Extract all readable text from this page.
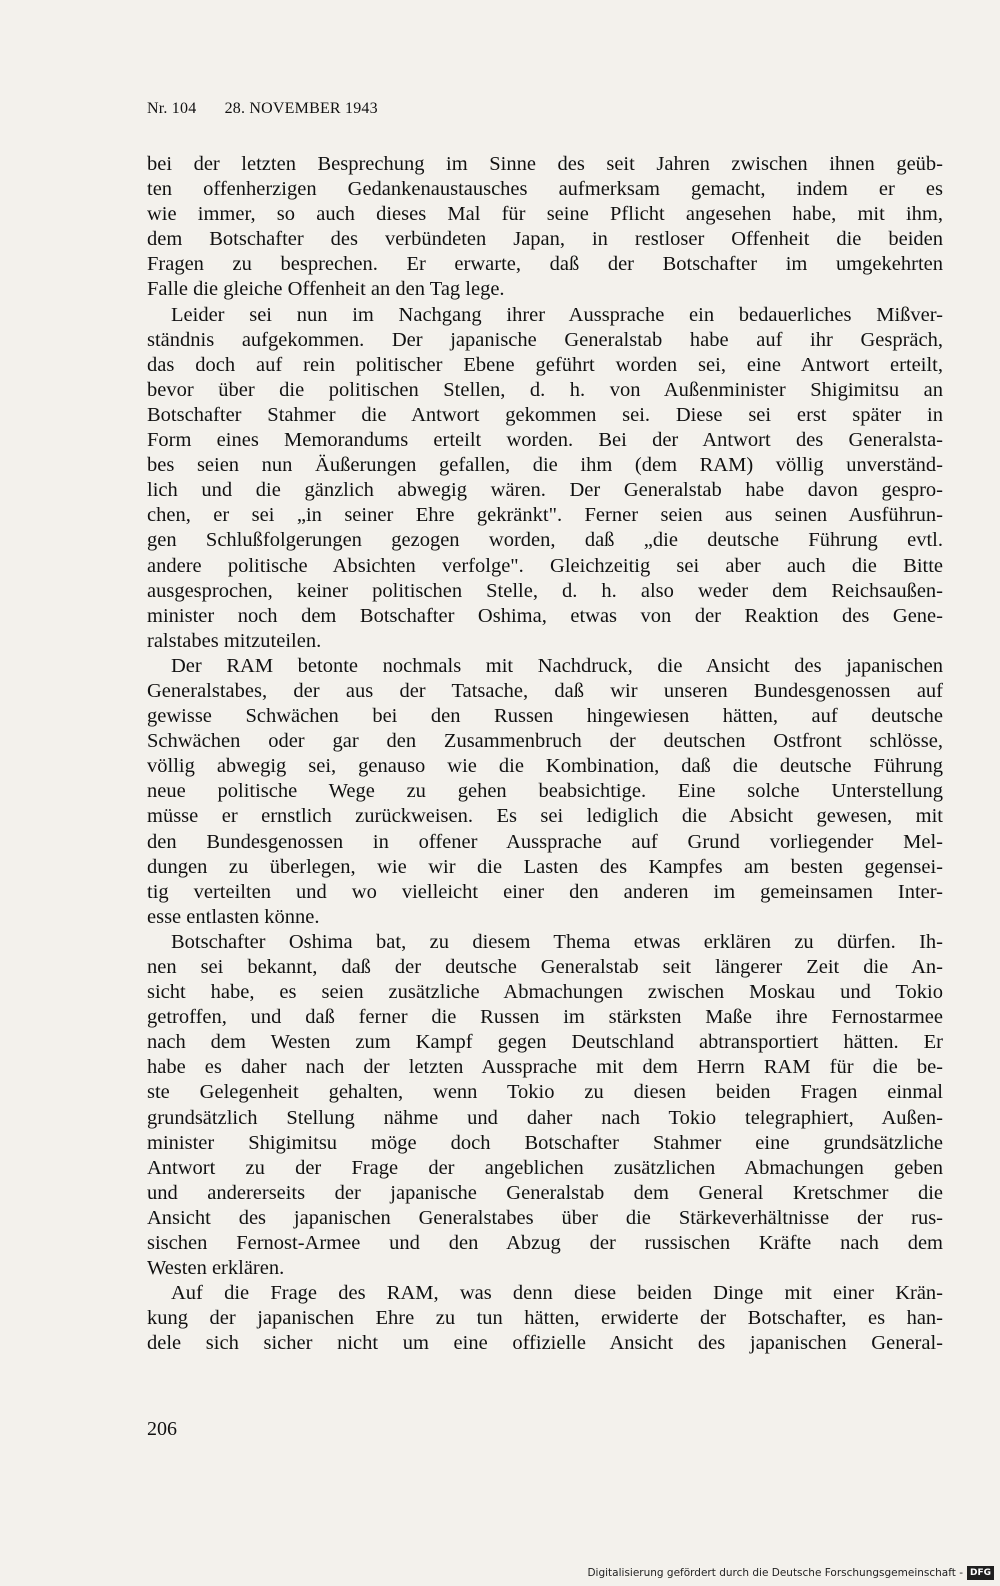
Nr. 104 28. NOVEMBER 1943
bei der letzten Besprechung im Sinne des seit Jahren zwischen ihnen geüb-
ten offenherzigen Gedankenaustausches aufmerksam gemacht, indem er es
wie immer, so auch dieses Mal für seine Pflicht angesehen habe, mit ihm,
dem Botschafter des verbündeten Japan, in restloser Offenheit die beiden
Fragen zu besprechen. Er erwarte, daß der Botschafter im umgekehrten
Falle die gleiche Offenheit an den Tag lege.
Leider sei nun im Nachgang ihrer Aussprache ein bedauerliches Mißver-
ständnis aufgekommen. Der japanische Generalstab habe auf ihr Gespräch,
das doch auf rein politischer Ebene geführt worden sei, eine Antwort erteilt,
bevor über die politischen Stellen, d. h. von Außenminister Shigimitsu an
Botschafter Stahmer die Antwort gekommen sei. Diese sei erst später in
Form eines Memorandums erteilt worden. Bei der Antwort des Generalsta-
bes seien nun Äußerungen gefallen, die ihm (dem RAM) völlig unverständ-
lich und die gänzlich abwegig wären. Der Generalstab habe davon gespro-
chen, er sei „in seiner Ehre gekränkt". Ferner seien aus seinen Ausführun-
gen Schlußfolgerungen gezogen worden, daß „die deutsche Führung evtl.
andere politische Absichten verfolge". Gleichzeitig sei aber auch die Bitte
ausgesprochen, keiner politischen Stelle, d. h. also weder dem Reichsaußen-
minister noch dem Botschafter Oshima, etwas von der Reaktion des Gene-
ralstabes mitzuteilen.
Der RAM betonte nochmals mit Nachdruck, die Ansicht des japanischen
Generalstabes, der aus der Tatsache, daß wir unseren Bundesgenossen auf
gewisse Schwächen bei den Russen hingewiesen hätten, auf deutsche
Schwächen oder gar den Zusammenbruch der deutschen Ostfront schlösse,
völlig abwegig sei, genauso wie die Kombination, daß die deutsche Führung
neue politische Wege zu gehen beabsichtige. Eine solche Unterstellung
müsse er ernstlich zurückweisen. Es sei lediglich die Absicht gewesen, mit
den Bundesgenossen in offener Aussprache auf Grund vorliegender Mel-
dungen zu überlegen, wie wir die Lasten des Kampfes am besten gegensei-
tig verteilten und wo vielleicht einer den anderen im gemeinsamen Inter-
esse entlasten könne.
Botschafter Oshima bat, zu diesem Thema etwas erklären zu dürfen. Ih-
nen sei bekannt, daß der deutsche Generalstab seit längerer Zeit die An-
sicht habe, es seien zusätzliche Abmachungen zwischen Moskau und Tokio
getroffen, und daß ferner die Russen im stärksten Maße ihre Fernostarmee
nach dem Westen zum Kampf gegen Deutschland abtransportiert hätten. Er
habe es daher nach der letzten Aussprache mit dem Herrn RAM für die be-
ste Gelegenheit gehalten, wenn Tokio zu diesen beiden Fragen einmal
grundsätzlich Stellung nähme und daher nach Tokio telegraphiert, Außen-
minister Shigimitsu möge doch Botschafter Stahmer eine grundsätzliche
Antwort zu der Frage der angeblichen zusätzlichen Abmachungen geben
und andererseits der japanische Generalstab dem General Kretschmer die
Ansicht des japanischen Generalstabes über die Stärkeverhältnisse der rus-
sischen Fernost-Armee und den Abzug der russischen Kräfte nach dem
Westen erklären.
Auf die Frage des RAM, was denn diese beiden Dinge mit einer Krän-
kung der japanischen Ehre zu tun hätten, erwiderte der Botschafter, es han-
dele sich sicher nicht um eine offizielle Ansicht des japanischen General-
206
Digitalisierung gefördert durch die Deutsche Forschungsgemeinschaft - DFG
